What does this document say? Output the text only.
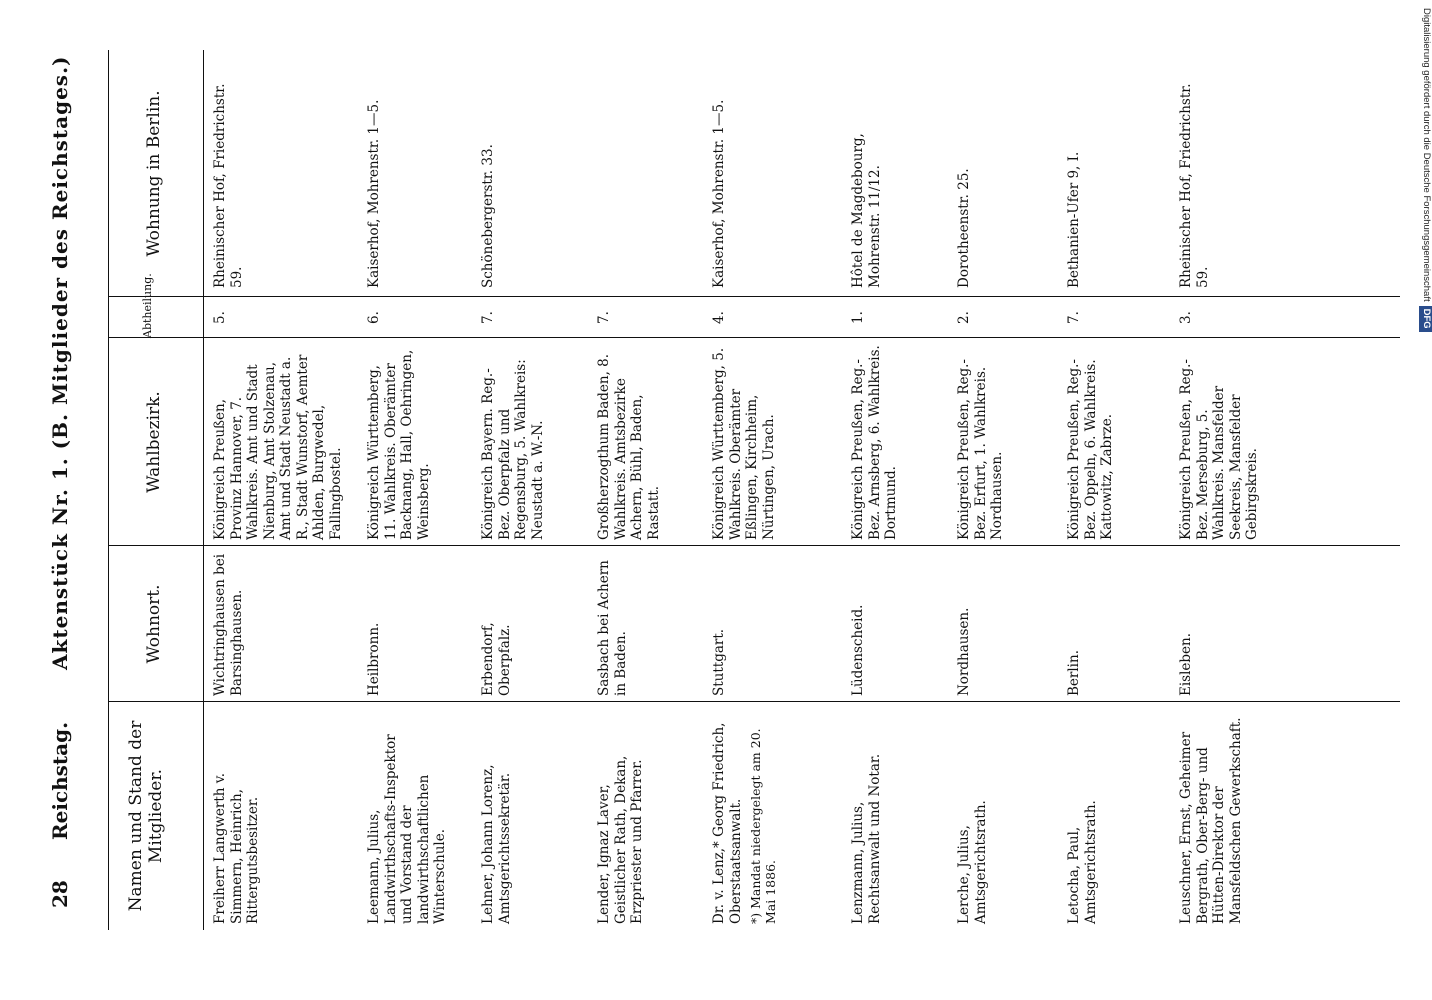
28
Reichstag.
Aktenstück Nr. 1. (B. Mitglieder des Reichstages.)
Namen und Stand der Mitglieder.
Wohnort.
Wahlbezirk.
Abtheilung.
Wohnung in Berlin.
Freiherr Langwerth v. Simmern, Heinrich, Rittergutsbesitzer.
Wichtringhausen bei Barsinghausen.
Königreich Preußen, Provinz Hannover, 7. Wahlkreis. Amt und Stadt Nienburg, Amt Stolzenau, Amt und Stadt Neustadt a. R., Stadt Wunstorf, Aemter Ahlden, Burgwedel, Fallingbostel.
5.
Rheinischer Hof, Friedrichstr. 59.
Leemann, Julius, Landwirthschafts-Inspektor und Vorstand der landwirthschaftlichen Winterschule.
Heilbronn.
Königreich Württemberg, 11. Wahlkreis. Oberämter Backnang, Hall, Oehringen, Weinsberg.
6.
Kaiserhof, Mohrenstr. 1—5.
Lehner, Johann Lorenz, Amtsgerichtssekretär.
Erbendorf, Oberpfalz.
Königreich Bayern. Reg.-Bez. Oberpfalz und Regensburg, 5. Wahlkreis: Neustadt a. W.-N.
7.
Schönebergerstr. 33.
Lender, Ignaz Laver, Geistlicher Rath, Dekan, Erzpriester und Pfarrer.
Sasbach bei Achern in Baden.
Großherzogthum Baden, 8. Wahlkreis. Amtsbezirke Achern, Bühl, Baden, Rastatt.
7.
Dr. v. Lenz,* Georg Friedrich, Oberstaatsanwalt. *) Mandat niedergelegt am 20. Mai 1886.
Stuttgart.
Königreich Württemberg, 5. Wahlkreis. Oberämter Eßlingen, Kirchheim, Nürtingen, Urach.
4.
Kaiserhof, Mohrenstr. 1—5.
Lenzmann, Julius, Rechtsanwalt und Notar.
Lüdenscheid.
Königreich Preußen, Reg.-Bez. Arnsberg, 6. Wahlkreis. Dortmund.
1.
Hôtel de Magdebourg, Mohrenstr. 11/12.
Lerche, Julius, Amtsgerichtsrath.
Nordhausen.
Königreich Preußen, Reg.-Bez. Erfurt, 1. Wahlkreis. Nordhausen.
2.
Dorotheenstr. 25.
Letocha, Paul, Amtsgerichtsrath.
Berlin.
Königreich Preußen, Reg.-Bez. Oppeln, 6. Wahlkreis. Kattowitz, Zabrze.
7.
Bethanien-Ufer 9, I.
Leuschner, Ernst, Geheimer Bergrath, Ober-Berg- und Hütten-Direktor der Mansfeldschen Gewerkschaft.
Eisleben.
Königreich Preußen, Reg.-Bez. Merseburg, 5. Wahlkreis. Mansfelder Seekreis, Mansfelder Gebirgskreis.
3.
Rheinischer Hof, Friedrichstr. 59.	Digitalisierung gefördert durch die Deutsche ForschungsgemeinschaftDFG
